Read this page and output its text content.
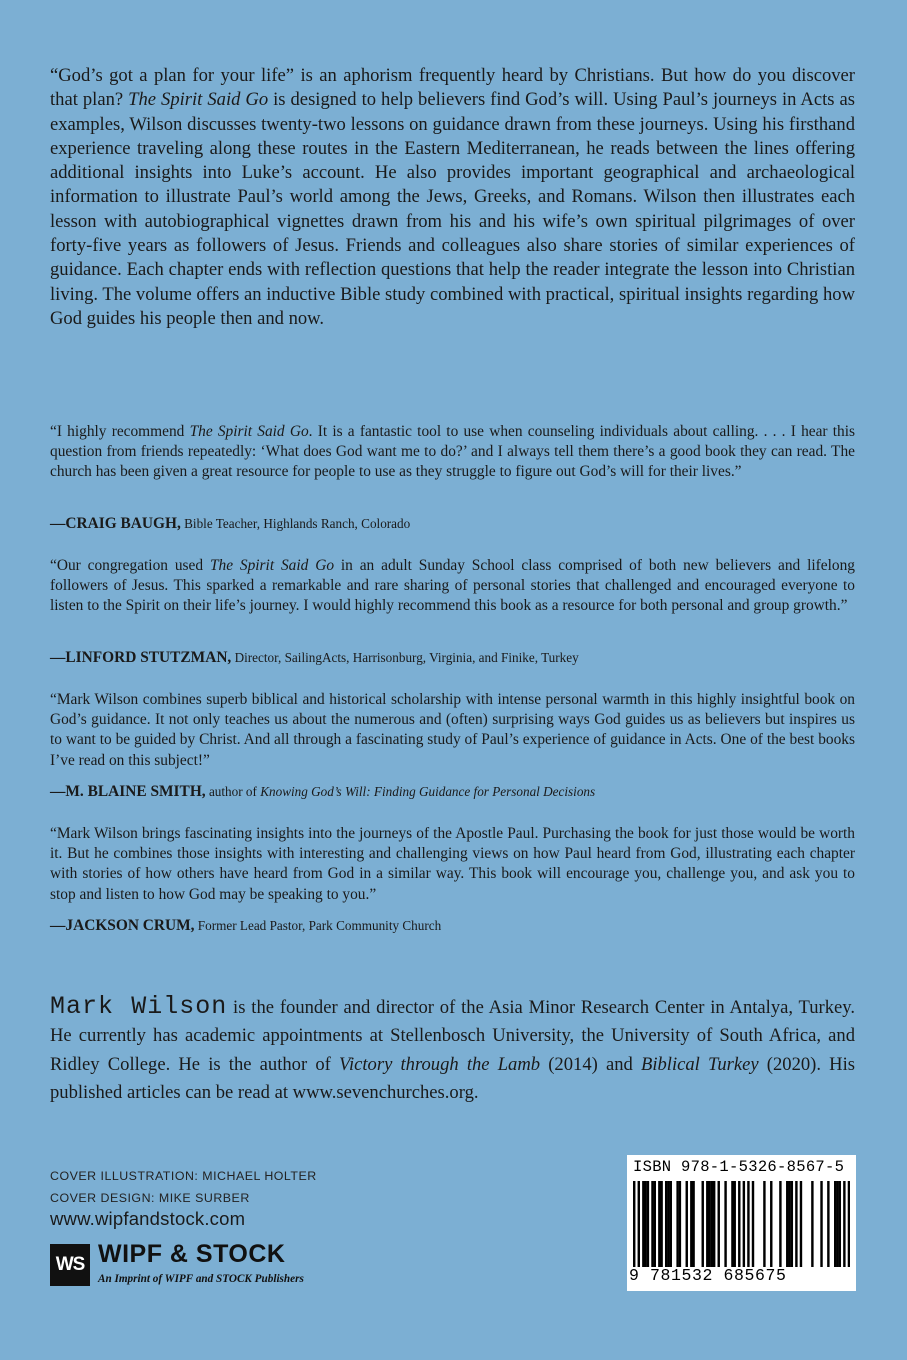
“God’s got a plan for your life” is an aphorism frequently heard by Christians. But how do you discover that plan? The Spirit Said Go is designed to help believers find God’s will. Using Paul’s journeys in Acts as examples, Wilson discusses twenty-two lessons on guidance drawn from these journeys. Using his firsthand experience traveling along these routes in the Eastern Mediterranean, he reads between the lines offering additional insights into Luke’s account. He also provides important geographical and archaeological information to illustrate Paul’s world among the Jews, Greeks, and Romans. Wilson then illustrates each lesson with autobiographical vignettes drawn from his and his wife’s own spiritual pilgrimages of over forty-five years as followers of Jesus. Friends and colleagues also share stories of similar experiences of guidance. Each chapter ends with reflection questions that help the reader integrate the lesson into Christian living. The volume offers an inductive Bible study combined with practical, spiritual insights regarding how God guides his people then and now.

“I highly recommend The Spirit Said Go. It is a fantastic tool to use when counseling individuals about calling. . . . I hear this question from friends repeatedly: ‘What does God want me to do?’ and I always tell them there’s a good book they can read. The church has been given a great resource for people to use as they struggle to figure out God’s will for their lives.”

—CRAIG BAUGH, Bible Teacher, Highlands Ranch, Colorado

“Our congregation used The Spirit Said Go in an adult Sunday School class comprised of both new believers and lifelong followers of Jesus. This sparked a remarkable and rare sharing of personal stories that challenged and encouraged everyone to listen to the Spirit on their life’s journey. I would highly recommend this book as a resource for both personal and group growth.”

—LINFORD STUTZMAN, Director, SailingActs, Harrisonburg, Virginia, and Finike, Turkey

“Mark Wilson combines superb biblical and historical scholarship with intense personal warmth in this highly insightful book on God’s guidance. It not only teaches us about the numerous and (often) surprising ways God guides us as believers but inspires us to want to be guided by Christ. And all through a fascinating study of Paul’s experience of guidance in Acts. One of the best books I’ve read on this subject!”

—M. BLAINE SMITH, author of Knowing God’s Will: Finding Guidance for Personal Decisions

“Mark Wilson brings fascinating insights into the journeys of the Apostle Paul. Purchasing the book for just those would be worth it. But he combines those insights with interesting and challenging views on how Paul heard from God, illustrating each chapter with stories of how others have heard from God in a similar way. This book will encourage you, challenge you, and ask you to stop and listen to how God may be speaking to you.”

—JACKSON CRUM, Former Lead Pastor, Park Community Church

Mark Wilson is the founder and director of the Asia Minor Research Center in Antalya, Turkey. He currently has academic appointments at Stellenbosch University, the University of South Africa, and Ridley College. He is the author of Victory through the Lamb (2014) and Biblical Turkey (2020). His published articles can be read at www.sevenchurches.org.

COVER ILLUSTRATION: MICHAEL HOLTER

COVER DESIGN: MIKE SURBER

www.wipfandstock.com

WS WIPF & STOCK
An Imprint of WIPF and STOCK Publishers
ISBN 978-1-5326-8567-5
9 781532 685675
